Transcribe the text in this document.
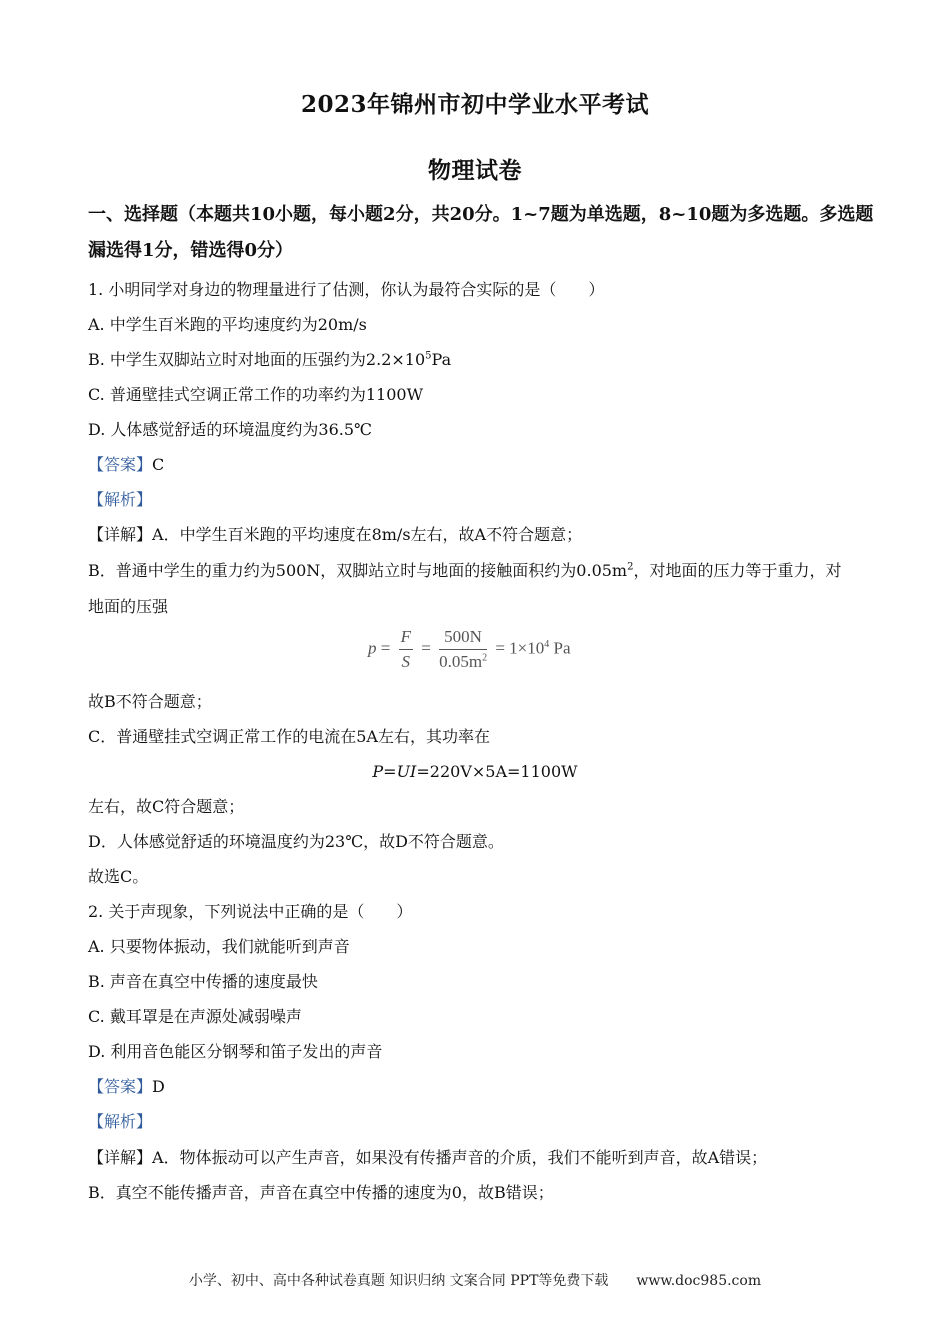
2023年锦州市初中学业水平考试
物理试卷
一、选择题（本题共10小题，每小题2分，共20分。1~7题为单选题，8~10题为多选题。多选题漏选得1分，错选得0分）
1. 小明同学对身边的物理量进行了估测，你认为最符合实际的是（　　）
A. 中学生百米跑的平均速度约为20m/s
B. 中学生双脚站立时对地面的压强约为$2.2\times 10^5Pa$
C. 普通壁挂式空调正常工作的功率约为1100W
D. 人体感觉舒适的环境温度约为36.5℃
【答案】C
【解析】
【详解】A．中学生百米跑的平均速度在8m/s左右，故A不符合题意；
B．普通中学生的重力约为500N，双脚站立时与地面的接触面积约为$0.05m^2$，对地面的压力等于重力，对
地面的压强
$p = \frac{F}{S} = \frac{500N}{0.05m^2} = 1\times 10^4$ Pa
故B不符合题意；
C．普通壁挂式空调正常工作的电流在5A左右，其功率在
P=UI=220V×5A=1100W
左右，故C符合题意；
D．人体感觉舒适的环境温度约为23℃，故D不符合题意。
故选C。
2. 关于声现象，下列说法中正确的是（　　）
A. 只要物体振动，我们就能听到声音
B. 声音在真空中传播的速度最快
C. 戴耳罩是在声源处减弱噪声
D. 利用音色能区分钢琴和笛子发出的声音
【答案】D
【解析】
【详解】A．物体振动可以产生声音，如果没有传播声音的介质，我们不能听到声音，故A错误；
B．真空不能传播声音，声音在真空中传播的速度为0，故B错误；
小学、初中、高中各种试卷真题 知识归纳 文案合同 PPT等免费下载　　www.doc985.com
